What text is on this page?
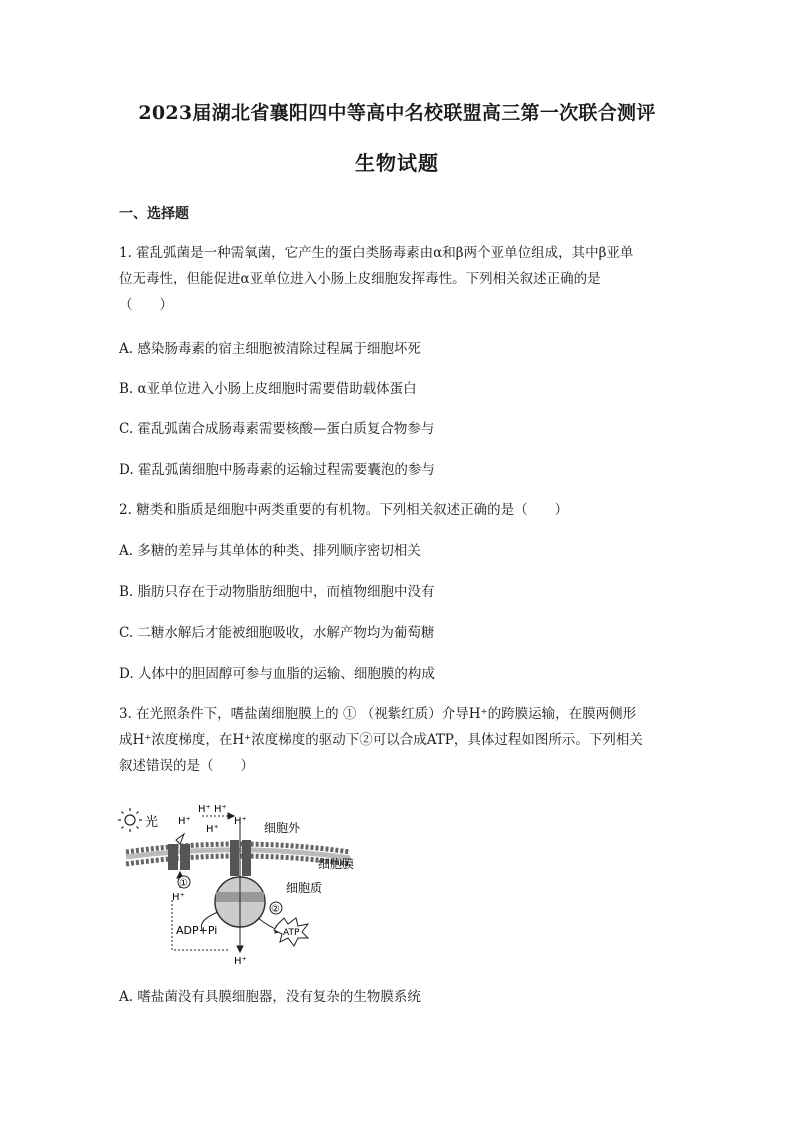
2023届湖北省襄阳四中等高中名校联盟高三第一次联合测评
生物试题
一、选择题
1. 霍乱弧菌是一种需氧菌，它产生的蛋白类肠毒素由α和β两个亚单位组成，其中β亚单
位无毒性，但能促进α亚单位进入小肠上皮细胞发挥毒性。下列相关叙述正确的是
（　　）
A. 感染肠毒素的宿主细胞被清除过程属于细胞坏死
B. α亚单位进入小肠上皮细胞时需要借助载体蛋白
C. 霍乱弧菌合成肠毒素需要核酸—蛋白质复合物参与
D. 霍乱弧菌细胞中肠毒素的运输过程需要囊泡的参与
2. 糖类和脂质是细胞中两类重要的有机物。下列相关叙述正确的是（　　）
A. 多糖的差异与其单体的种类、排列顺序密切相关
B. 脂肪只存在于动物脂肪细胞中，而植物细胞中没有
C. 二糖水解后才能被细胞吸收，水解产物均为葡萄糖
D. 人体中的胆固醇可参与血脂的运输、细胞膜的构成
3. 在光照条件下，嗜盐菌细胞膜上的 ① （视紫红质）介导H⁺的跨膜运输，在膜两侧形
成H⁺浓度梯度，在H⁺浓度梯度的驱动下②可以合成ATP，具体过程如图所示。下列相关
叙述错误的是（　　）
光 H⁺
H⁺ H⁺
H⁺
H⁺
H⁺
H⁺
细胞外
细胞膜
细胞质
①
②
ADP+Pi	ATP
A. 嗜盐菌没有具膜细胞器，没有复杂的生物膜系统
